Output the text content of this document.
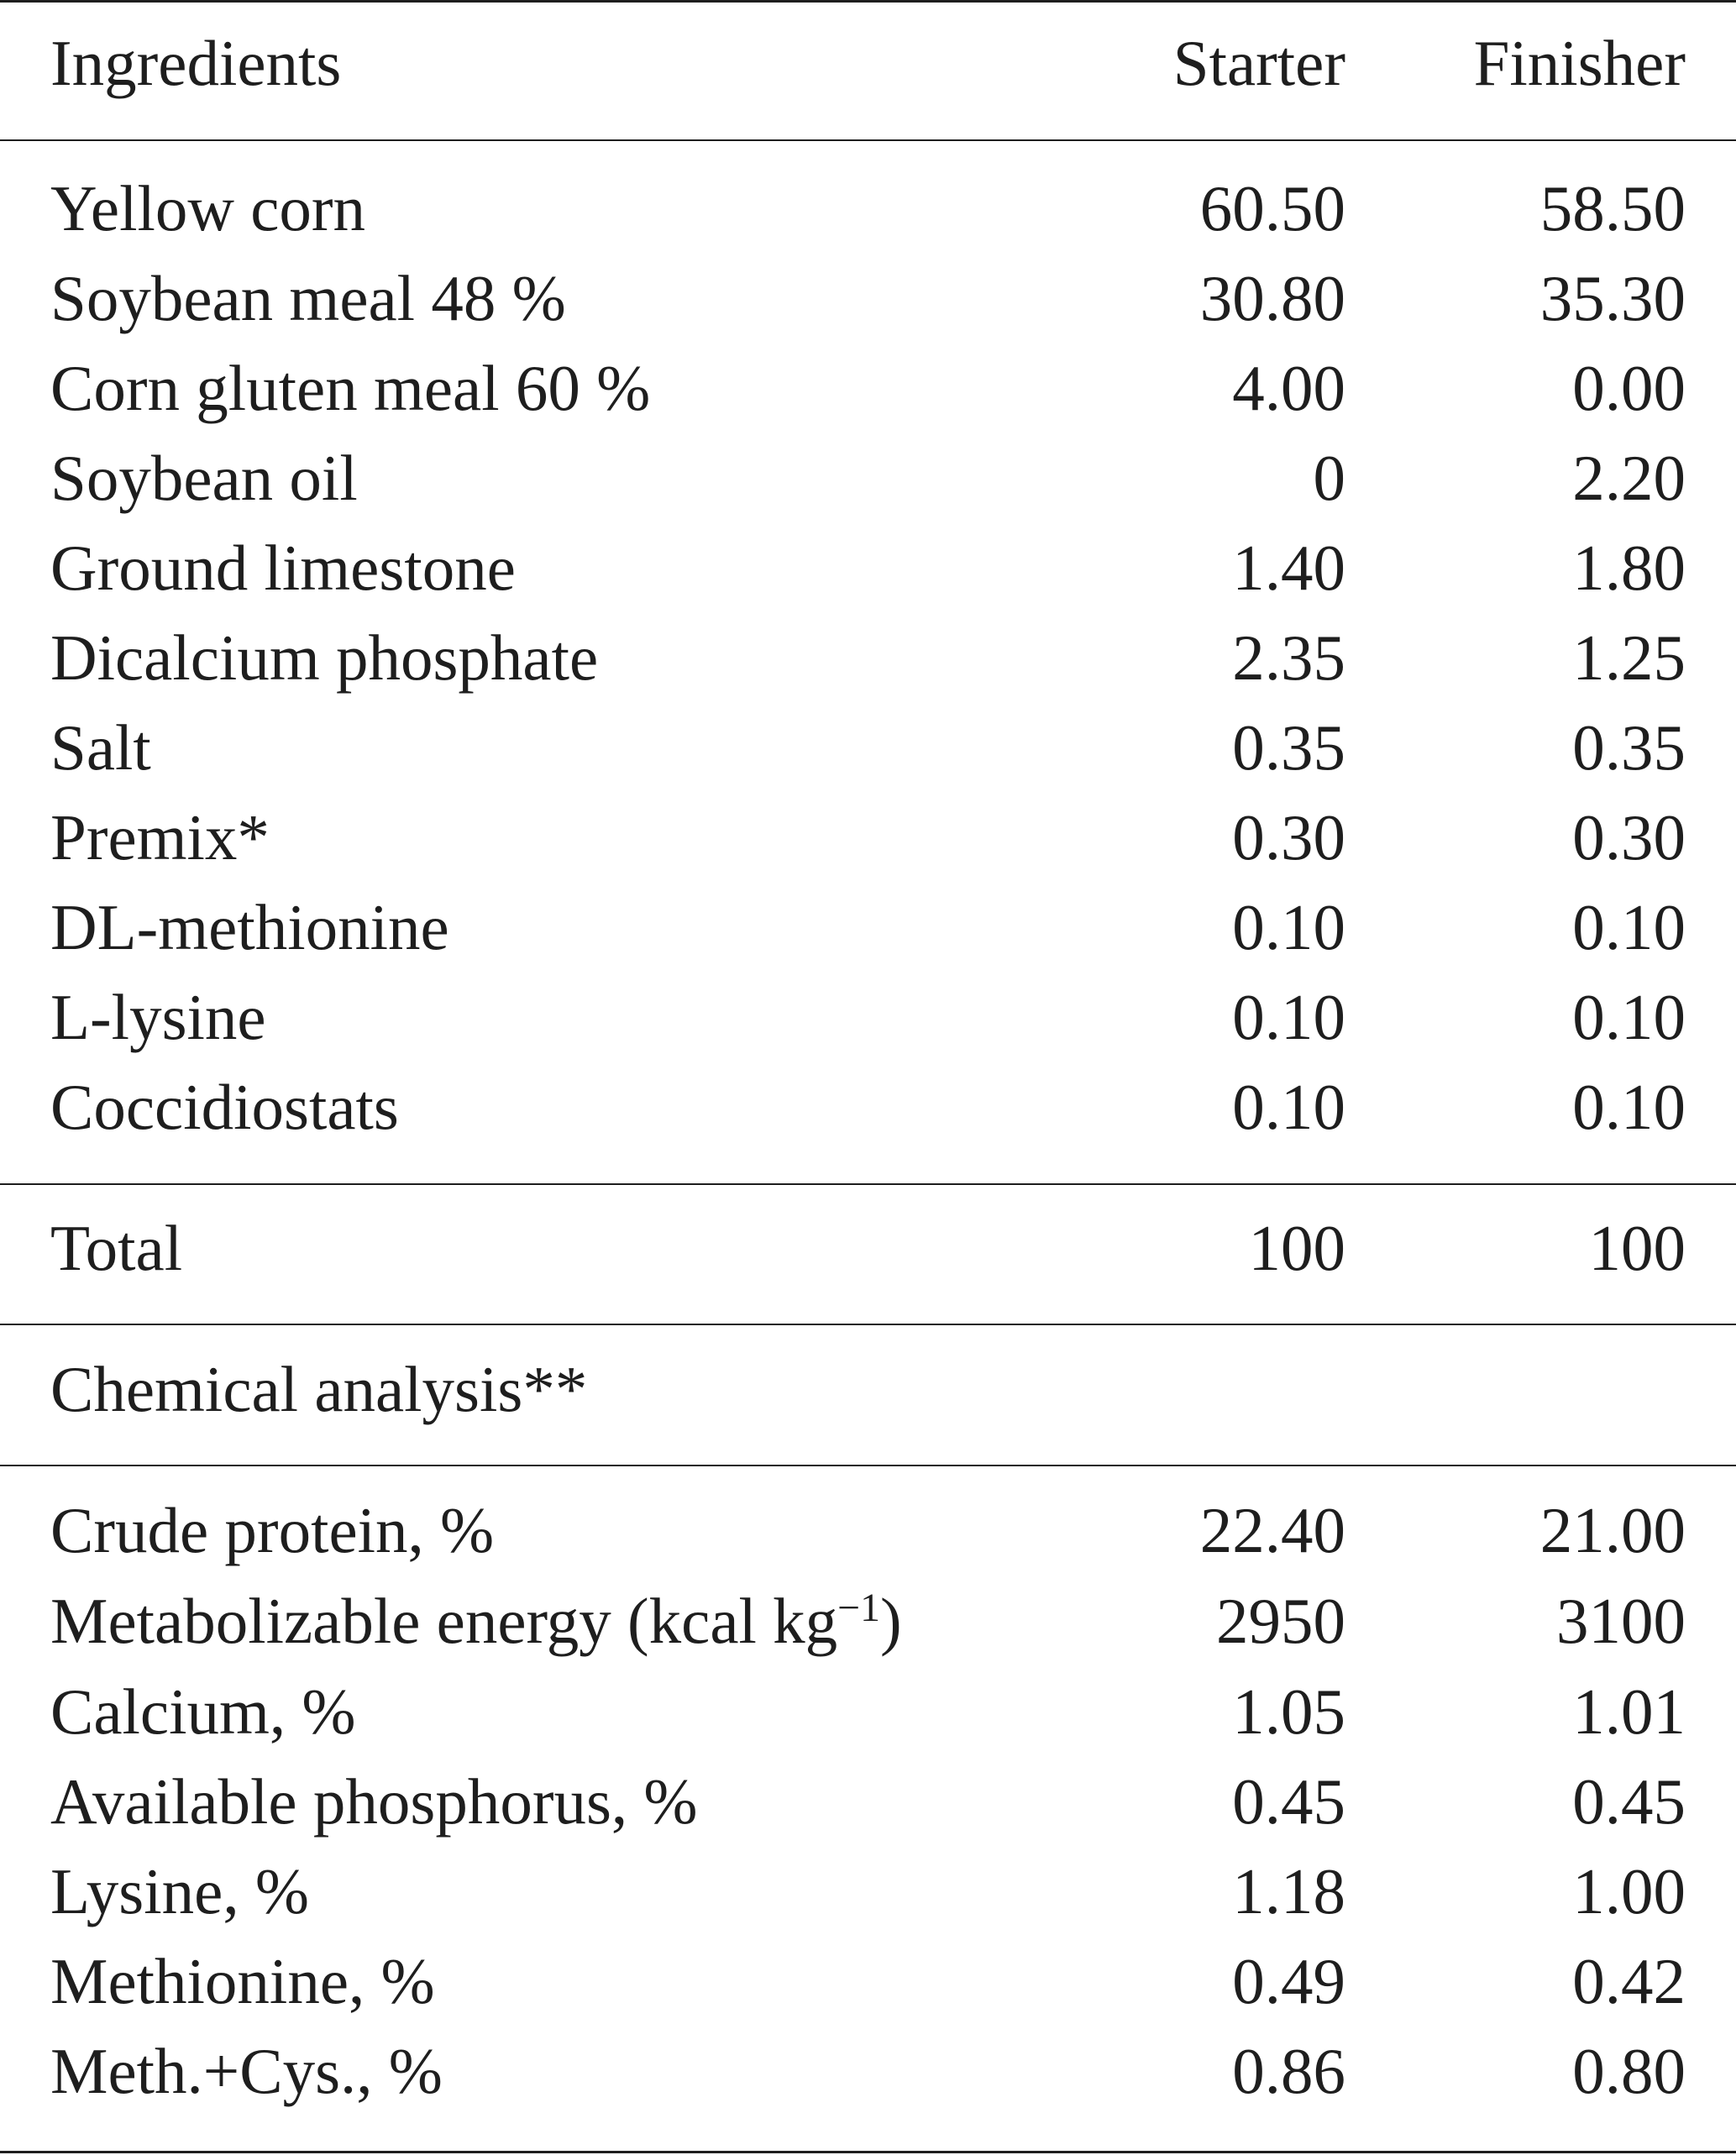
Ingredients	Starter Finisher
Yellow corn	60.50	58.50
Soybean meal 48 %	30.80	35.30
Corn gluten meal 60 %	4.00	0.00
Soybean oil	0	2.20
Ground limestone	1.40	1.80
Dicalcium phosphate	2.35	1.25
Salt	0.35	0.35
Premix*	0.30	0.30
DL-methionine	0.10	0.10
L-lysine	0.10	0.10
Coccidiostats	0.10	0.10
Total	100	100
Chemical analysis**
Crude protein, %	22.40	21.00
Metabolizable energy (kcal $kg^{-1}$)	2950	3100
Calcium, %	1.05	1.01
Available phosphorus, %	0.45	0.45
Lysine, %	1.18	1.00
Methionine, %	0.49	0.42
Meth.+Cys., %	0.86	0.80
